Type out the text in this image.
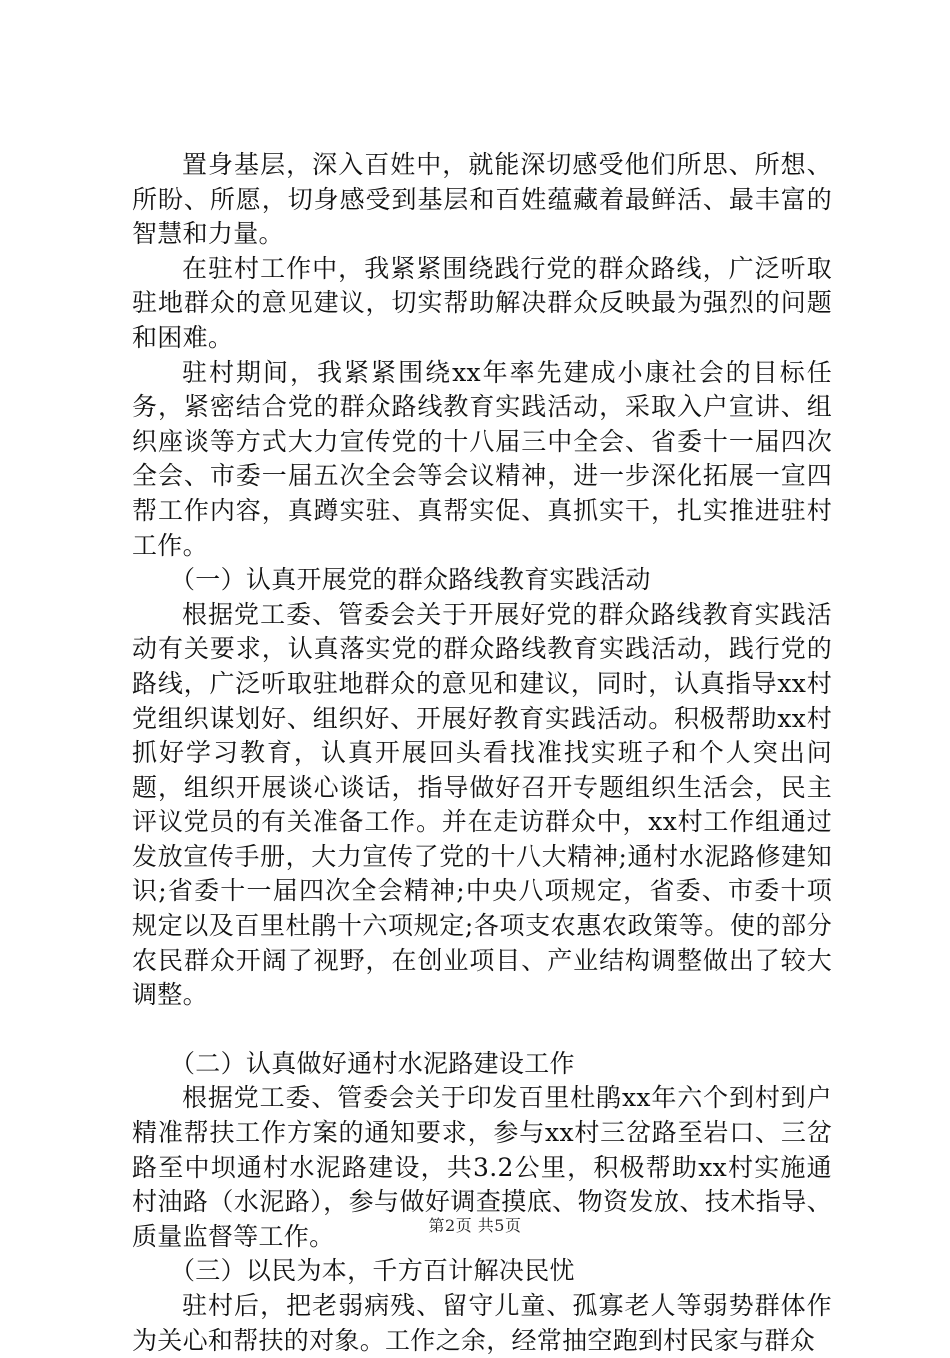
置身基层，深入百姓中，就能深切感受他们所思、所想、所盼、所愿，切身感受到基层和百姓蕴藏着最鲜活、最丰富的智慧和力量。

在驻村工作中，我紧紧围绕践行党的群众路线，广泛听取驻地群众的意见建议，切实帮助解决群众反映最为强烈的问题和困难。

驻村期间，我紧紧围绕xx年率先建成小康社会的目标任务，紧密结合党的群众路线教育实践活动，采取入户宣讲、组织座谈等方式大力宣传党的十八届三中全会、省委十一届四次全会、市委一届五次全会等会议精神，进一步深化拓展一宣四帮工作内容，真蹲实驻、真帮实促、真抓实干，扎实推进驻村工作。

（一）认真开展党的群众路线教育实践活动

根据党工委、管委会关于开展好党的群众路线教育实践活动有关要求，认真落实党的群众路线教育实践活动，践行党的路线，广泛听取驻地群众的意见和建议，同时，认真指导xx村党组织谋划好、组织好、开展好教育实践活动。积极帮助xx村抓好学习教育，认真开展回头看找准找实班子和个人突出问题，组织开展谈心谈话，指导做好召开专题组织生活会，民主评议党员的有关准备工作。并在走访群众中，xx村工作组通过发放宣传手册，大力宣传了党的十八大精神;通村水泥路修建知识;省委十一届四次全会精神;中央八项规定，省委、市委十项规定以及百里杜鹃十六项规定;各项支农惠农政策等。使的部分农民群众开阔了视野，在创业项目、产业结构调整做出了较大调整。

（二）认真做好通村水泥路建设工作

根据党工委、管委会关于印发百里杜鹃xx年六个到村到户精准帮扶工作方案的通知要求，参与xx村三岔路至岩口、三岔路至中坝通村水泥路建设，共3.2公里，积极帮助xx村实施通村油路（水泥路），参与做好调查摸底、物资发放、技术指导、质量监督等工作。

（三）以民为本，千方百计解决民忧

驻村后，把老弱病残、留守儿童、孤寡老人等弱势群体作为关心和帮扶的对象。工作之余，经常抽空跑到村民家与群众

第2页 共5页
